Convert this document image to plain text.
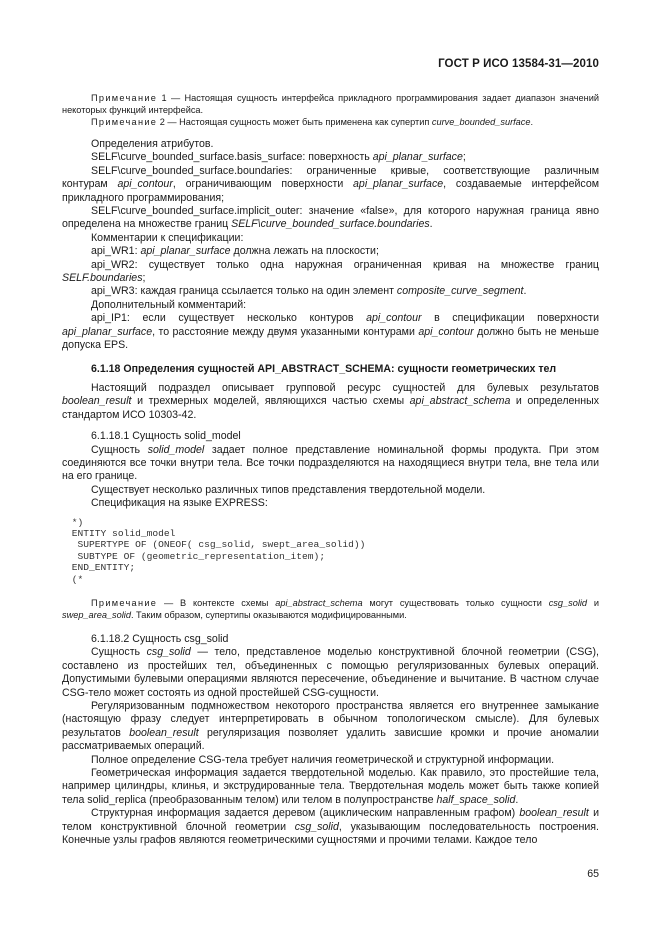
ГОСТ Р ИСО 13584-31—2010

Примечание 1 — Настоящая сущность интерфейса прикладного программирования задает диапазон значений некоторых функций интерфейса.

Примечание 2 — Настоящая сущность может быть применена как супертип curve_bounded_surface.

Определения атрибутов.

SELF\curve_bounded_surface.basis_surface: поверхность api_planar_surface;

SELF\curve_bounded_surface.boundaries: ограниченные кривые, соответствующие различным контурам api_contour, ограничивающим поверхности api_planar_surface, создаваемые интерфейсом прикладного программирования;

SELF\curve_bounded_surface.implicit_outer: значение «false», для которого наружная граница явно определена на множестве границ SELF\curve_bounded_surface.boundaries.

Комментарии к спецификации:

api_WR1: api_planar_surface должна лежать на плоскости;

api_WR2: существует только одна наружная ограниченная кривая на множестве границ SELF.boundaries;

api_WR3: каждая граница ссылается только на один элемент composite_curve_segment.

Дополнительный комментарий:

api_IP1: если существует несколько контуров api_contour в спецификации поверхности api_planar_surface, то расстояние между двумя указанными контурами api_contour должно быть не меньше допуска EPS.

6.1.18 Определения сущностей API_ABSTRACT_SCHEMA: сущности геометрических тел

Настоящий подраздел описывает групповой ресурс сущностей для булевых результатов boolean_result и трехмерных моделей, являющихся частью схемы api_abstract_schema и определенных стандартом ИСО 10303-42.

6.1.18.1 Сущность solid_model

Сущность solid_model задает полное представление номинальной формы продукта. При этом соединяются все точки внутри тела. Все точки подразделяются на находящиеся внутри тела, вне тела или на его границе.

Существует несколько различных типов представления твердотельной модели.

Спецификация на языке EXPRESS:

*)
ENTITY solid_model
SUPERTYPE OF (ONEOF( csg_solid, swept_area_solid))
SUBTYPE OF (geometric_representation_item);
END_ENTITY;
(*

Примечание — В контексте схемы api_abstract_schema могут существовать только сущности csg_solid и swep_area_solid. Таким образом, супертипы оказываются модифицированными.

6.1.18.2 Сущность csg_solid

Сущность csg_solid — тело, представленое моделью конструктивной блочной геометрии (CSG), составлено из простейших тел, объединенных с помощью регуляризованных булевых операций. Допустимыми булевыми операциями являются пересечение, объединение и вычитание. В частном случае CSG-тело может состоять из одной простейшей CSG-сущности.

Регуляризованным подмножеством некоторого пространства является его внутреннее замыкание (настоящую фразу следует интерпретировать в обычном топологическом смысле). Для булевых результатов boolean_result регуляризация позволяет удалить зависшие кромки и прочие аномалии рассматриваемых операций.

Полное определение CSG-тела требует наличия геометрической и структурной информации.

Геометрическая информация задается твердотельной моделью. Как правило, это простейшие тела, например цилиндры, клинья, и экструдированные тела. Твердотельная модель может быть также копией тела solid_replica (преобразованным телом) или телом в полупространстве half_space_solid.

Структурная информация задается деревом (ациклическим направленным графом) boolean_result и телом конструктивной блочной геометрии csg_solid, указывающим последовательность построения. Конечные узлы графов являются геометрическими сущностями и прочими телами. Каждое тело

65
